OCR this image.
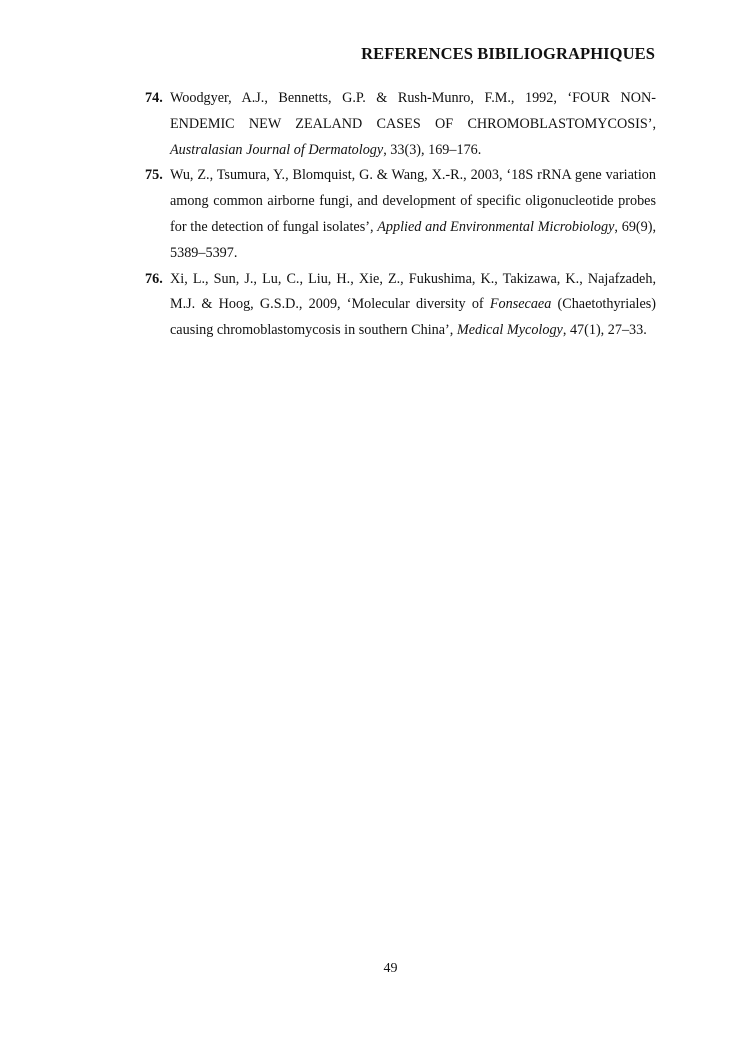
REFERENCES BIBILIOGRAPHIQUES
74. Woodgyer, A.J., Bennetts, G.P. & Rush-Munro, F.M., 1992, ‘FOUR NON-ENDEMIC NEW ZEALAND CASES OF CHROMOBLASTOMYCOSIS’, Australasian Journal of Dermatology, 33(3), 169–176.
75. Wu, Z., Tsumura, Y., Blomquist, G. & Wang, X.-R., 2003, ‘18S rRNA gene variation among common airborne fungi, and development of specific oligonucleotide probes for the detection of fungal isolates’, Applied and Environmental Microbiology, 69(9), 5389–5397.
76. Xi, L., Sun, J., Lu, C., Liu, H., Xie, Z., Fukushima, K., Takizawa, K., Najafzadeh, M.J. & Hoog, G.S.D., 2009, ‘Molecular diversity of Fonsecaea (Chaetothyriales) causing chromoblastomycosis in southern China’, Medical Mycology, 47(1), 27–33.
49
